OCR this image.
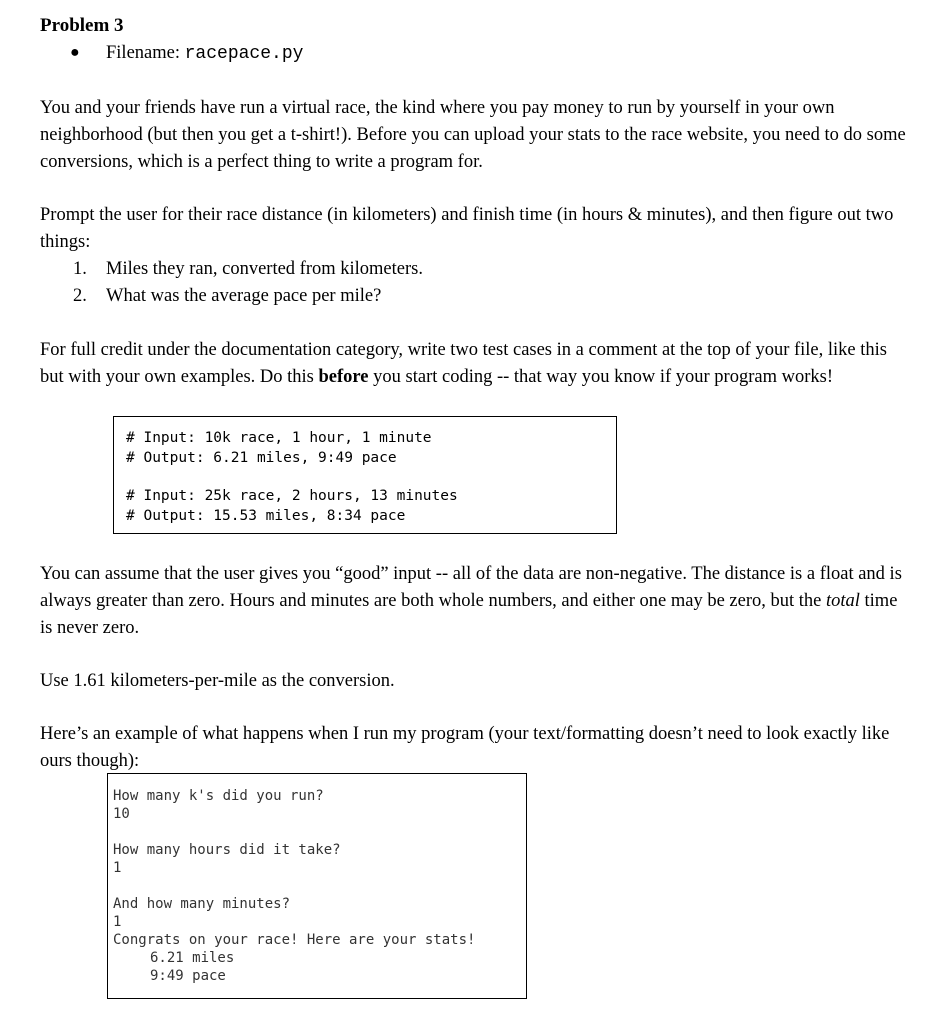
Problem 3
● Filename: racepace.py

You and your friends have run a virtual race, the kind where you pay money to run by yourself in your own neighborhood (but then you get a t-shirt!). Before you can upload your stats to the race website, you need to do some conversions, which is a perfect thing to write a program for.

Prompt the user for their race distance (in kilometers) and finish time (in hours & minutes), and then figure out two things:

1. Miles they ran, converted from kilometers.
2. What was the average pace per mile?

For full credit under the documentation category, write two test cases in a comment at the top of your file, like this but with your own examples. Do this before you start coding -- that way you know if your program works!

# Input: 10k race, 1 hour, 1 minute
# Output: 6.21 miles, 9:49 pace
# Input: 25k race, 2 hours, 13 minutes
# Output: 15.53 miles, 8:34 pace

You can assume that the user gives you “good” input -- all of the data are non-negative. The distance is a float and is always greater than zero. Hours and minutes are both whole numbers, and either one may be zero, but the total time is never zero.

Use 1.61 kilometers-per-mile as the conversion.

Here’s an example of what happens when I run my program (your text/formatting doesn’t need to look exactly like ours though):

How many k's did you run?
10
How many hours did it take?
1
And how many minutes?
1
Congrats on your race! Here are your stats!
6.21 miles
9:49 pace
